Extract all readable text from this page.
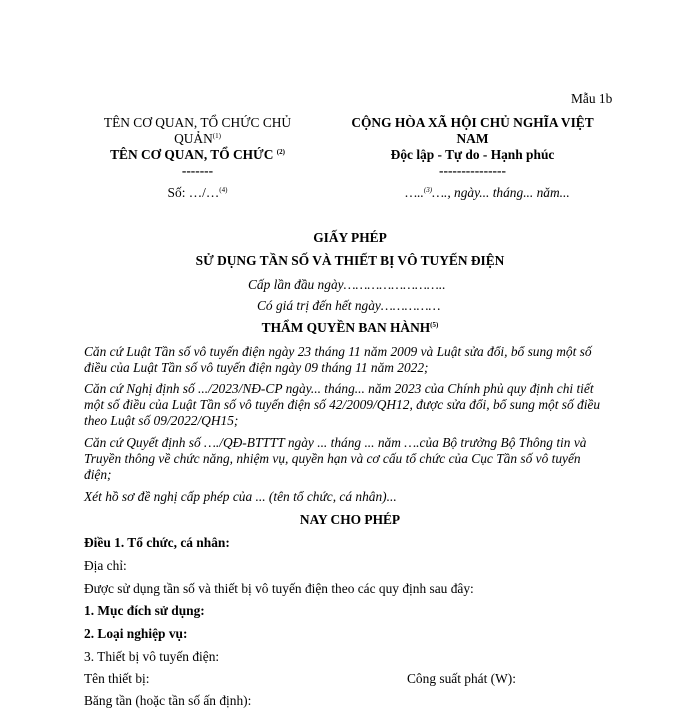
Mẫu 1b
TÊN CƠ QUAN, TỔ CHỨC CHỦ
QUẢN$^{(1)}$
TÊN CƠ QUAN, TỔ CHỨC $^{(2)}$
-------
Số: …/…$^{(4)}$
CỘNG HÒA XÃ HỘI CHỦ NGHĨA VIỆT
NAM
Độc lập - Tự do - Hạnh phúc
---------------
…..$^{(3)}$…., ngày... tháng... năm...
GIẤY PHÉP
SỬ DỤNG TẦN SỐ VÀ THIẾT BỊ VÔ TUYẾN ĐIỆN
Cấp lần đầu ngày……………………..
Có giá trị đến hết ngày……………
THẨM QUYỀN BAN HÀNH$^{(5)}$
Căn cứ Luật Tần số vô tuyến điện ngày 23 tháng 11 năm 2009 và Luật sửa đổi, bổ sung một số
điều của Luật Tần số vô tuyến điện ngày 09 tháng 11 năm 2022;
Căn cứ Nghị định số .../2023/NĐ-CP ngày... tháng... năm 2023 của Chính phủ quy định chi tiết
một số điều của Luật Tần số vô tuyến điện số 42/2009/QH12, được sửa đổi, bổ sung một số điều
theo Luật số 09/2022/QH15;
Căn cứ Quyết định số …./QĐ-BTTTT ngày ... tháng ... năm ….của Bộ trưởng Bộ Thông tin và
Truyền thông về chức năng, nhiệm vụ, quyền hạn và cơ cấu tổ chức của Cục Tần số vô tuyến
điện;
Xét hồ sơ đề nghị cấp phép của ... (tên tổ chức, cá nhân)...
NAY CHO PHÉP
Điều 1. Tổ chức, cá nhân:
Địa chỉ:
Được sử dụng tần số và thiết bị vô tuyến điện theo các quy định sau đây:
1. Mục đích sử dụng:
2. Loại nghiệp vụ:
3. Thiết bị vô tuyến điện:
Tên thiết bị:	Công suất phát (W):
Băng tần (hoặc tần số ấn định):
